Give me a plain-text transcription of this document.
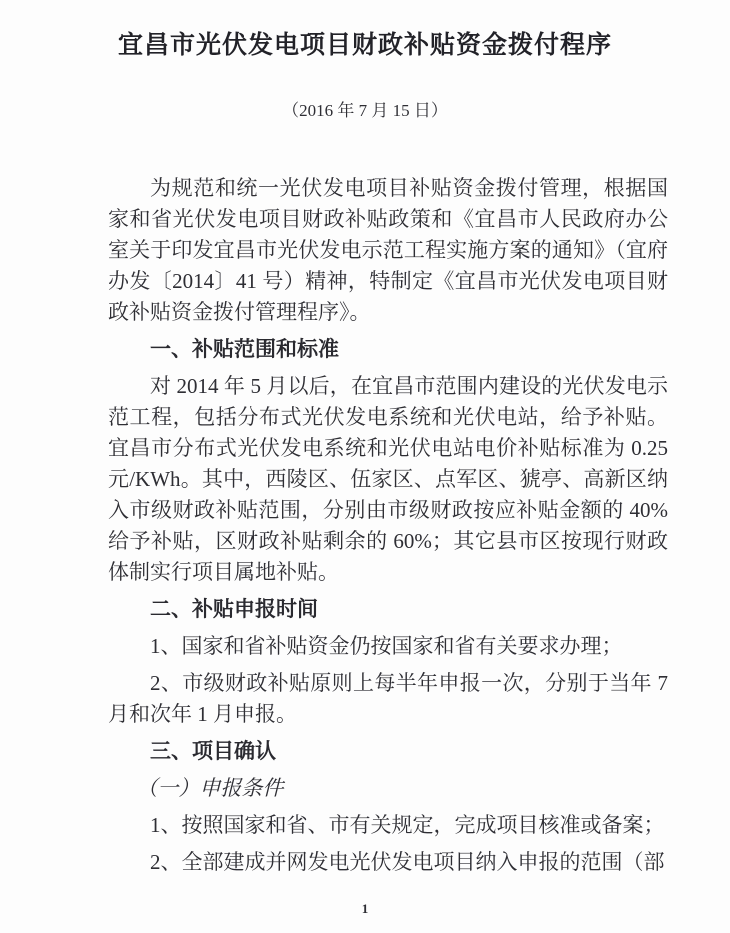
宜昌市光伏发电项目财政补贴资金拨付程序
（2016 年 7 月 15 日）

为规范和统一光伏发电项目补贴资金拨付管理，根据国家和省光伏发电项目财政补贴政策和《宜昌市人民政府办公室关于印发宜昌市光伏发电示范工程实施方案的通知》（宜府办发〔2014〕41 号）精神，特制定《宜昌市光伏发电项目财政补贴资金拨付管理程序》。

一、补贴范围和标准

对 2014 年 5 月以后，在宜昌市范围内建设的光伏发电示范工程，包括分布式光伏发电系统和光伏电站，给予补贴。宜昌市分布式光伏发电系统和光伏电站电价补贴标准为 0.25 元/KWh。其中，西陵区、伍家区、点军区、猇亭、高新区纳入市级财政补贴范围，分别由市级财政按应补贴金额的 40%给予补贴，区财政补贴剩余的 60%；其它县市区按现行财政体制实行项目属地补贴。

二、补贴申报时间

1、国家和省补贴资金仍按国家和省有关要求办理；

2、市级财政补贴原则上每半年申报一次，分别于当年 7 月和次年 1 月申报。

三、项目确认

（一）申报条件

1、按照国家和省、市有关规定，完成项目核准或备案；

2、全部建成并网发电光伏发电项目纳入申报的范围（部

1
